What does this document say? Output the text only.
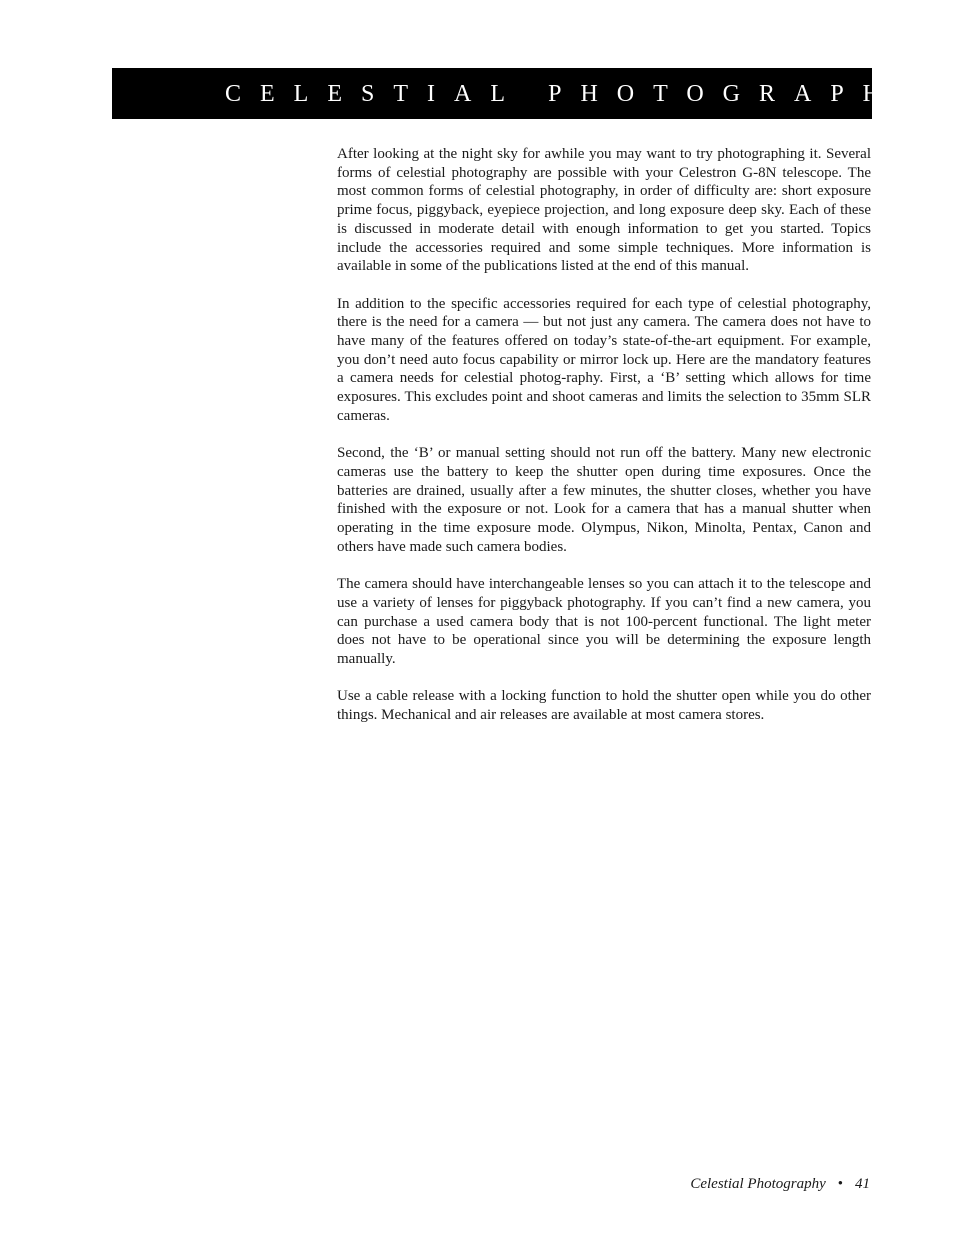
CELESTIAL PHOTOGRAPHY

After looking at the night sky for awhile you may want to try photographing it. Several forms of celestial photography are possible with your Celestron G-8N telescope. The most common forms of celestial photography, in order of difficulty are: short exposure prime focus, piggyback, eyepiece projection, and long exposure deep sky. Each of these is discussed in moderate detail with enough information to get you started. Topics include the accessories required and some simple techniques. More information is available in some of the publications listed at the end of this manual.

In addition to the specific accessories required for each type of celestial photography, there is the need for a camera — but not just any camera. The camera does not have to have many of the features offered on today’s state-of-the-art equipment. For example, you don’t need auto focus capability or mirror lock up. Here are the mandatory features a camera needs for celestial photog-raphy. First, a ‘B’ setting which allows for time exposures. This excludes point and shoot cameras and limits the selection to 35mm SLR cameras.

Second, the ‘B’ or manual setting should not run off the battery. Many new electronic cameras use the battery to keep the shutter open during time exposures. Once the batteries are drained, usually after a few minutes, the shutter closes, whether you have finished with the exposure or not. Look for a camera that has a manual shutter when operating in the time exposure mode. Olympus, Nikon, Minolta, Pentax, Canon and others have made such camera bodies.

The camera should have interchangeable lenses so you can attach it to the telescope and use a variety of lenses for piggyback photography. If you can’t find a new camera, you can purchase a used camera body that is not 100-percent functional. The light meter does not have to be operational since you will be determining the exposure length manually.

Use a cable release with a locking function to hold the shutter open while you do other things. Mechanical and air releases are available at most camera stores.

Celestial Photography • 41
